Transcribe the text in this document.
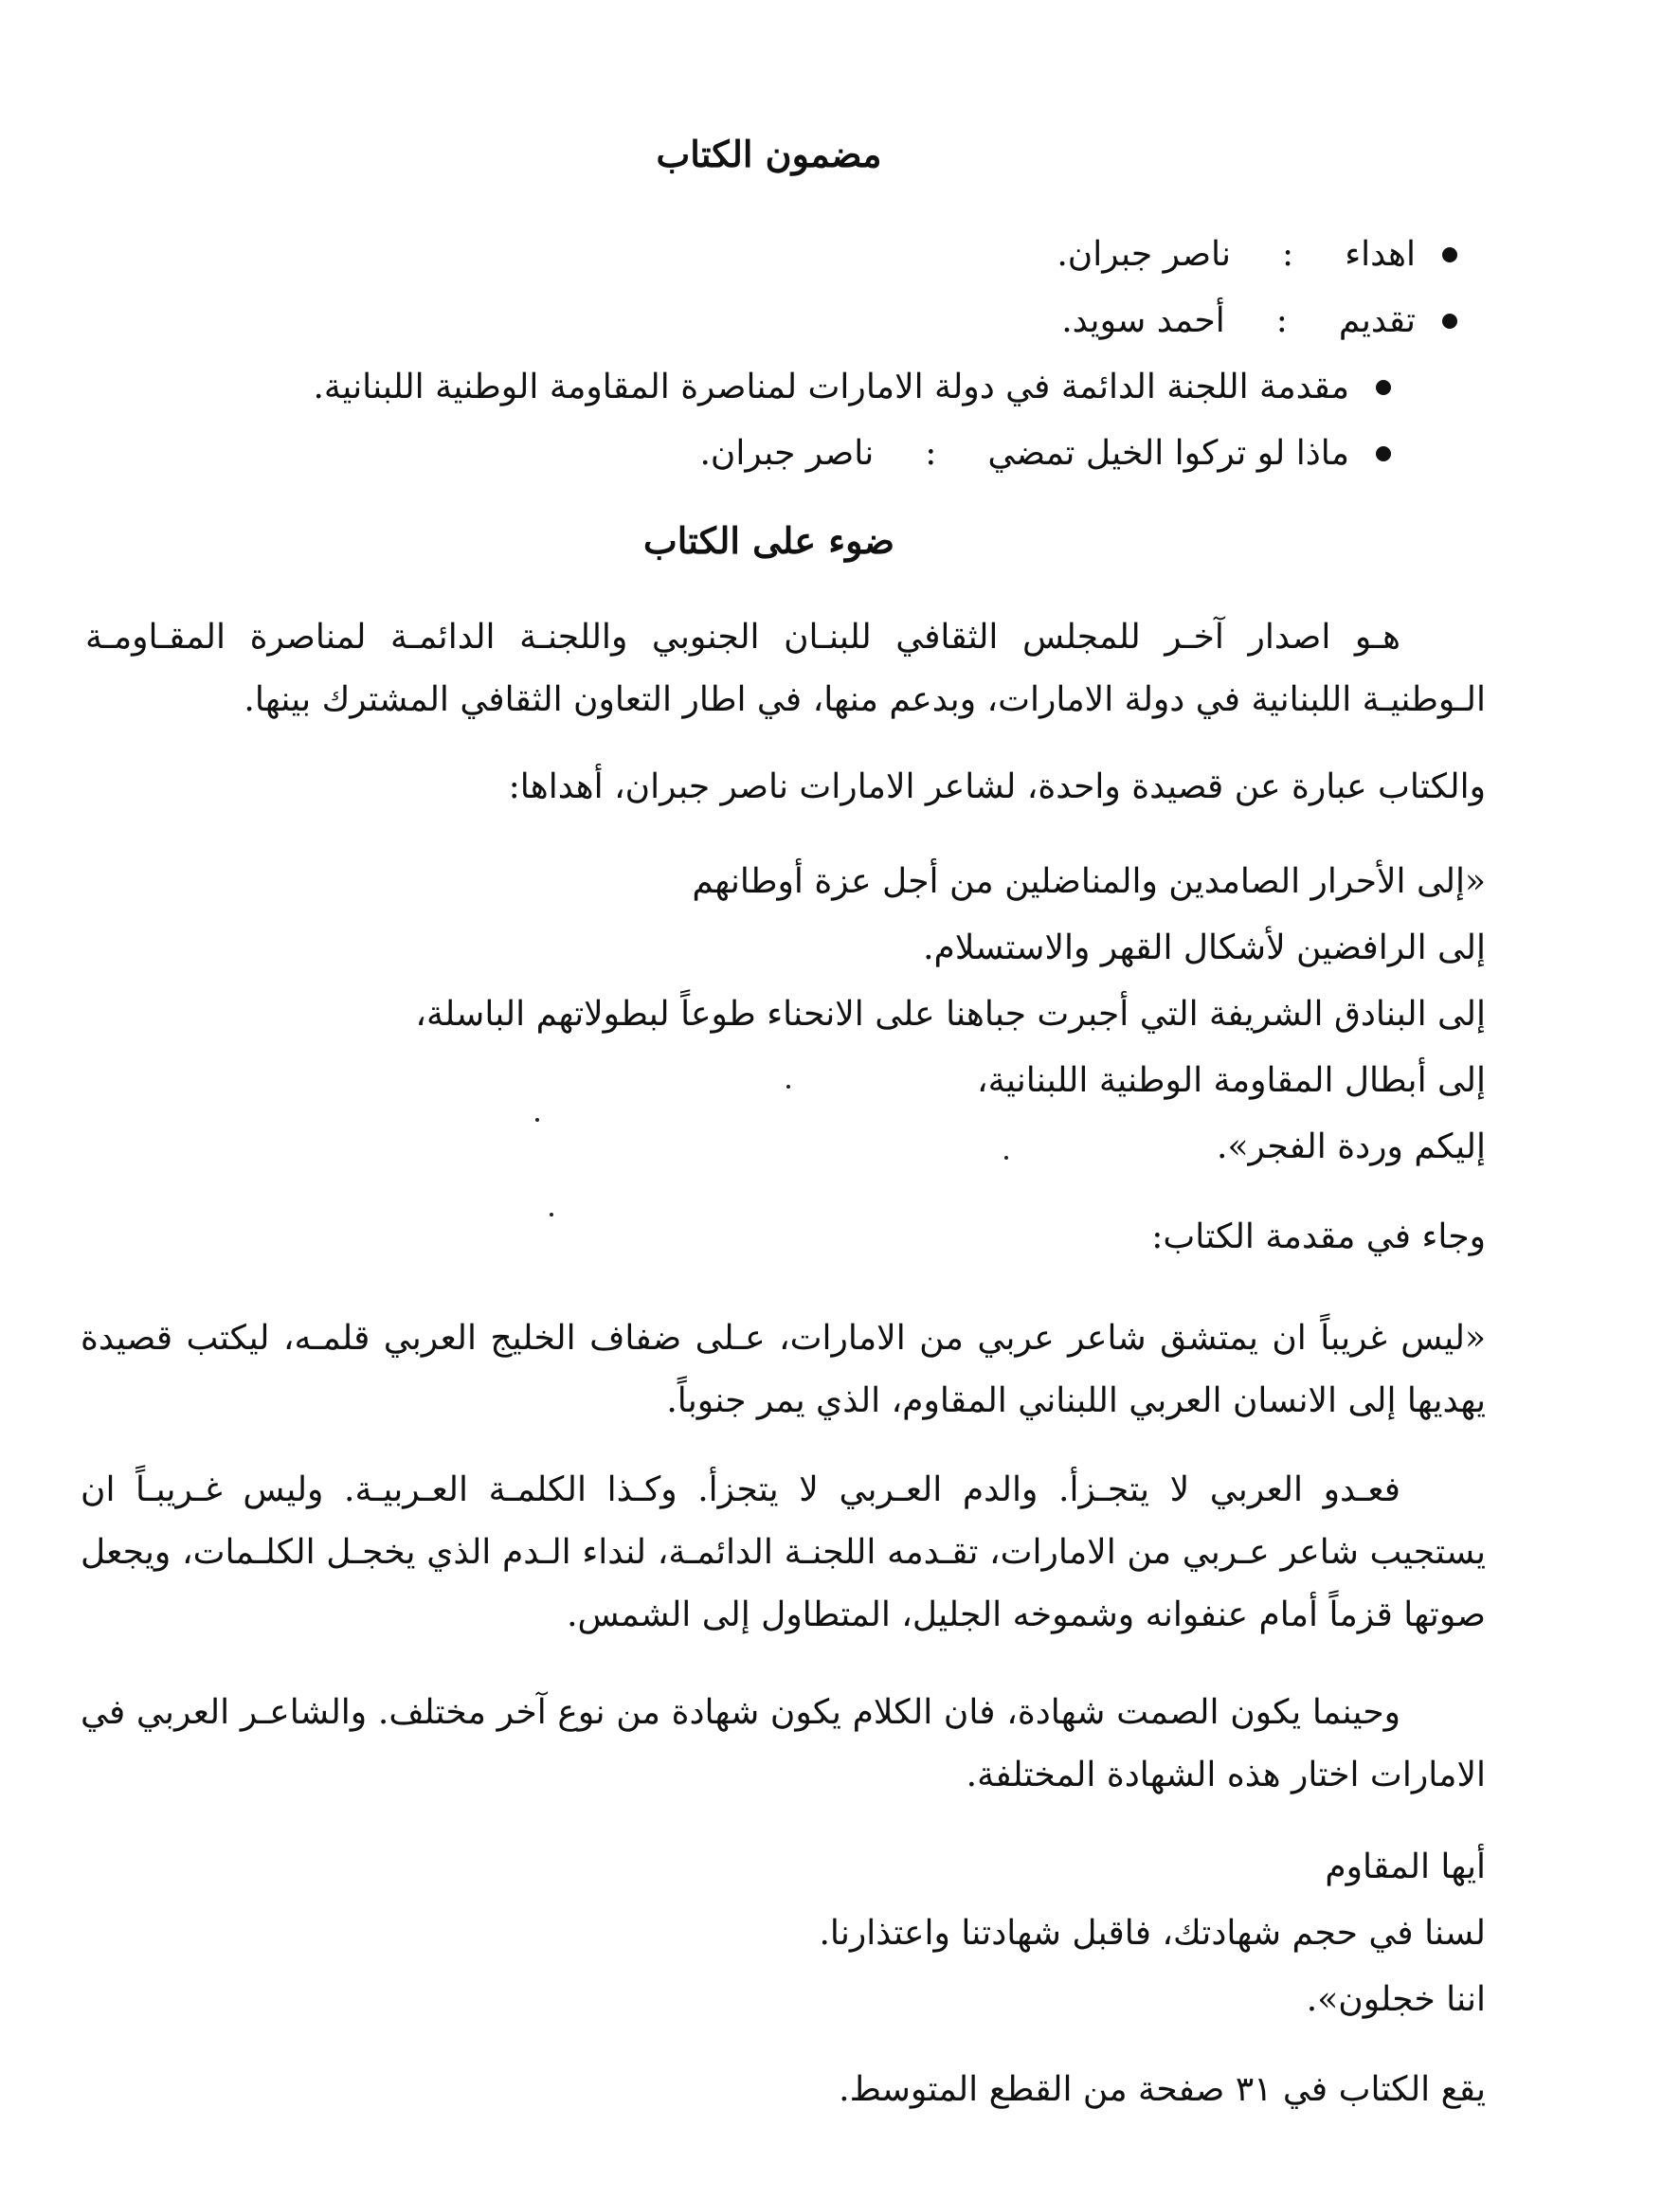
مضمون الكتاب
اهداء
:
ناصر جبران.
تقديم
:
أحمد سويد.
مقدمة اللجنة الدائمة في دولة الامارات لمناصرة المقاومة الوطنية اللبنانية.
ماذا لو تركوا الخيل تمضي
:
ناصر جبران.
ضوء على الكتاب

هـو اصدار آخـر للمجلس الثقافي للبنـان الجنوبي واللجنـة الدائمـة لمناصرة المقـاومـة الـوطنيـة اللبنانية في دولة الامارات، وبدعم منها، في اطار التعاون الثقافي المشترك بينها.

والكتاب عبارة عن قصيدة واحدة، لشاعر الامارات ناصر جبران، أهداها:

«إلى الأحرار الصامدين والمناضلين من أجل عزة أوطانهم

إلى الرافضين لأشكال القهر والاستسلام.

إلى البنادق الشريفة التي أجبرت جباهنا على الانحناء طوعاً لبطولاتهم الباسلة،

إلى أبطال المقاومة الوطنية اللبنانية،

إليكم وردة الفجر».

وجاء في مقدمة الكتاب:

«ليس غريباً ان يمتشق شاعر عربي من الامارات، عـلى ضفاف الخليج العربي قلمـه، ليكتب قصيدة يهديها إلى الانسان العربي اللبناني المقاوم، الذي يمر جنوباً.

فعـدو العربي لا يتجـزأ. والدم العـربي لا يتجزأ. وكـذا الكلمـة العـربيـة. وليس غـريبـاً ان يستجيب شاعر عـربي من الامارات، تقـدمه اللجنـة الدائمـة، لنداء الـدم الذي يخجـل الكلـمات، ويجعل صوتها قزماً أمام عنفوانه وشموخه الجليل، المتطاول إلى الشمس.

وحينما يكون الصمت شهادة، فان الكلام يكون شهادة من نوع آخر مختلف. والشاعـر العربي في الامارات اختار هذه الشهادة المختلفة.

أيها المقاوم

لسنا في حجم شهادتك، فاقبل شهادتنا واعتذارنا.

اننا خجلون».

يقع الكتاب في ٣١ صفحة من القطع المتوسط.
